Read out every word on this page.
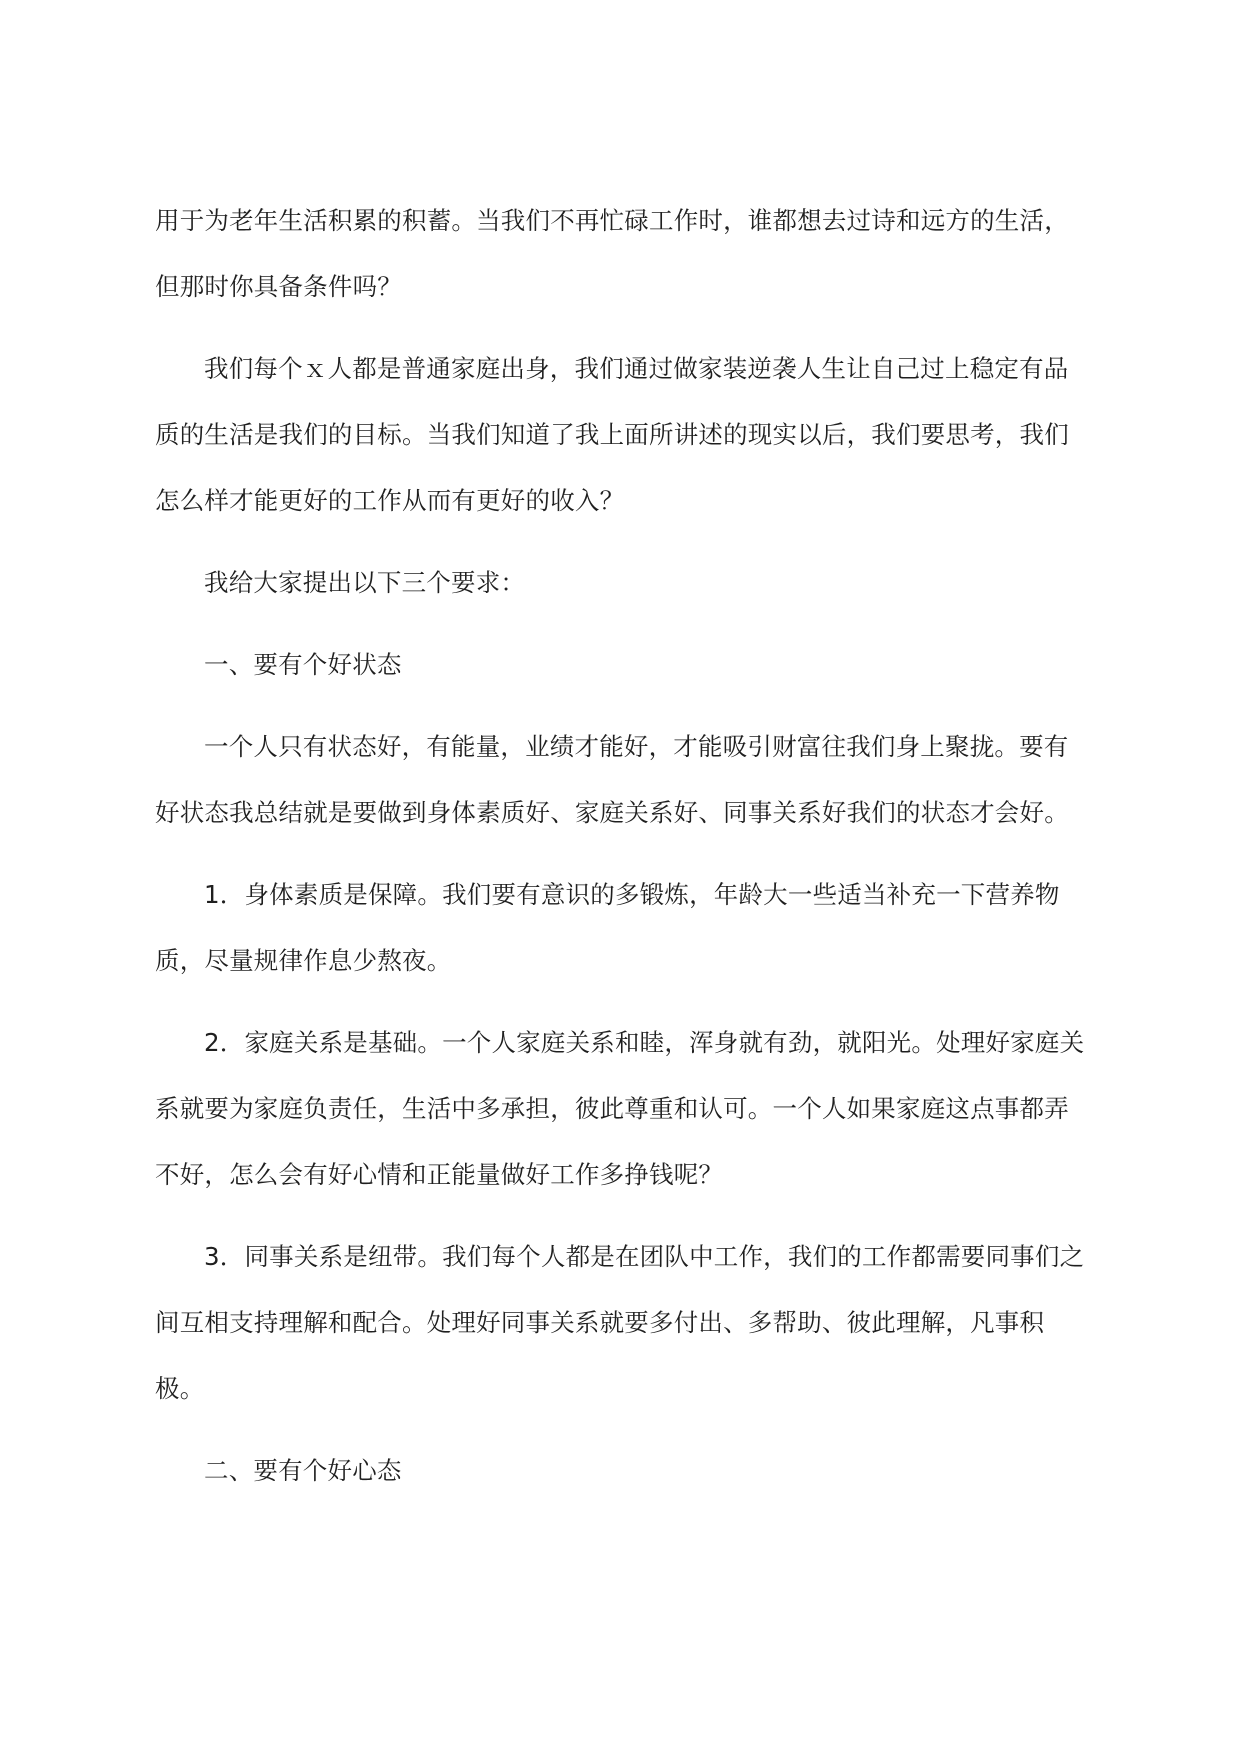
用于为老年生活积累的积蓄。当我们不再忙碌工作时，谁都想去过诗和远方的生活，但那时你具备条件吗？

我们每个ｘ人都是普通家庭出身，我们通过做家装逆袭人生让自己过上稳定有品质的生活是我们的目标。当我们知道了我上面所讲述的现实以后，我们要思考，我们怎么样才能更好的工作从而有更好的收入？

我给大家提出以下三个要求：

一、要有个好状态

一个人只有状态好，有能量，业绩才能好，才能吸引财富往我们身上聚拢。要有好状态我总结就是要做到身体素质好、家庭关系好、同事关系好我们的状态才会好。

1．身体素质是保障。我们要有意识的多锻炼，年龄大一些适当补充一下营养物质，尽量规律作息少熬夜。

2．家庭关系是基础。一个人家庭关系和睦，浑身就有劲，就阳光。处理好家庭关系就要为家庭负责任，生活中多承担，彼此尊重和认可。一个人如果家庭这点事都弄不好，怎么会有好心情和正能量做好工作多挣钱呢？

3．同事关系是纽带。我们每个人都是在团队中工作，我们的工作都需要同事们之间互相支持理解和配合。处理好同事关系就要多付出、多帮助、彼此理解，凡事积极。

二、要有个好心态
